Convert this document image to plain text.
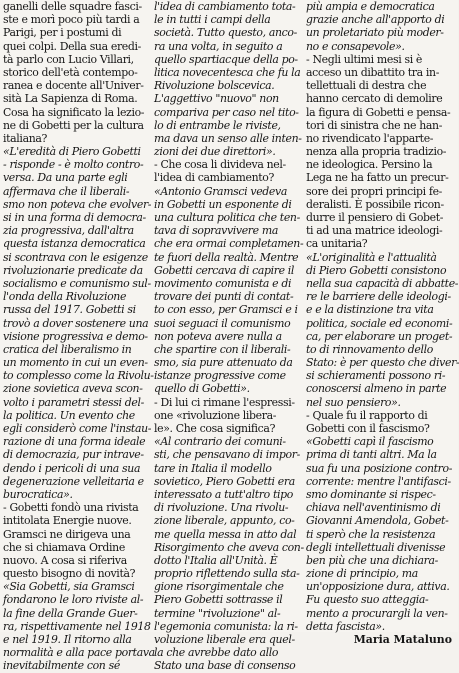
ganelli delle squadre fasci-
ste e morì poco più tardi a
Parigi, per i postumi di
quei colpi. Della sua eredi-
tà parlo con Lucio Villari,
storico dell'età contempo-
ranea e docente all'Univer-
sità La Sapienza di Roma.
Cosa ha significato la lezio-
ne di Gobetti per la cultura
italiana?
«L'eredità di Piero Gobetti
- risponde - è molto contro-
versa. Da una parte egli
affermava che il liberali-
smo non poteva che evolver-
si in una forma di democra-
zia progressiva, dall'altra
questa istanza democratica
si scontrava con le esigenze
rivoluzionarie predicate da
socialismo e comunismo sul-
l'onda della Rivoluzione
russa del 1917. Gobetti si
trovò a dover sostenere una
visione progressiva e demo-
cratica del liberalismo in
un momento in cui un even-
to complesso come la Rivolu-
zione sovietica aveva scon-
volto i parametri stessi del-
la politica. Un evento che
egli considerò come l'instau-
razione di una forma ideale
di democrazia, pur intrave-
dendo i pericoli di una sua
degenerazione velleitaria e
burocratica».
- Gobetti fondò una rivista
intitolata Energie nuove.
Gramsci ne dirigeva una
che si chiamava Ordine
nuovo. A cosa si riferiva
questo bisogno di novità?
«Sia Gobetti, sia Gramsci
fondarono le loro riviste al-
la fine della Grande Guer-
ra, rispettivamente nel 1918
e nel 1919. Il ritorno alla
normalità e alla pace portava
inevitabilmente con sé
l'idea di cambiamento tota-
le in tutti i campi della
società. Tutto questo, anco-
ra una volta, in seguito a
quello spartiacque della po-
litica novecentesca che fu la
Rivoluzione bolscevica.
L'aggettivo "nuovo" non
compariva per caso nel tito-
lo di entrambe le riviste,
ma dava un senso alle inten-
zioni dei due direttori».
- Che cosa li divideva nel-
l'idea di cambiamento?
«Antonio Gramsci vedeva
in Gobetti un esponente di
una cultura politica che ten-
tava di sopravvivere ma
che era ormai completamen-
te fuori della realtà. Mentre
Gobetti cercava di capire il
movimento comunista e di
trovare dei punti di contat-
to con esso, per Gramsci e i
suoi seguaci il comunismo
non poteva avere nulla a
che spartire con il liberali-
smo, sia pure attenuato da
istanze progressive come
quello di Gobetti».
- Di lui ci rimane l'espressi-
one «rivoluzione libera-
le». Che cosa significa?
«Al contrario dei comuni-
sti, che pensavano di impor-
tare in Italia il modello
sovietico, Piero Gobetti era
interessato a tutt'altro tipo
di rivoluzione. Una rivolu-
zione liberale, appunto, co-
me quella messa in atto dal
Risorgimento che aveva con-
dotto l'Italia all'Unità. È
proprio riflettendo sulla sta-
gione risorgimentale che
Piero Gobetti sottrasse il
termine "rivoluzione" al-
l'egemonia comunista: la ri-
voluzione liberale era quel-
la che avrebbe dato allo
Stato una base di consenso
più ampia e democratica
grazie anche all'apporto di
un proletariato più moder-
no e consapevole».
- Negli ultimi mesi si è
acceso un dibattito tra in-
tellettuali di destra che
hanno cercato di demolire
la figura di Gobetti e pensa-
tori di sinistra che ne han-
no rivendicato l'apparte-
nenza alla propria tradizio-
ne ideologica. Persino la
Lega ne ha fatto un precur-
sore dei propri principi fe-
deralisti. È possibile ricon-
durre il pensiero di Gobet-
ti ad una matrice ideologi-
ca unitaria?
«L'originalità e l'attualità
di Piero Gobetti consistono
nella sua capacità di abbatte-
re le barriere delle ideologi-
e e la distinzione tra vita
politica, sociale ed economi-
ca, per elaborare un proget-
to di rinnovamento dello
Stato: è per questo che diver-
si schieramenti possono ri-
conoscersi almeno in parte
nel suo pensiero».
- Quale fu il rapporto di
Gobetti con il fascismo?
«Gobetti capì il fascismo
prima di tanti altri. Ma la
sua fu una posizione contro-
corrente: mentre l'antifasci-
smo dominante si rispec-
chiava nell'aventinismo di
Giovanni Amendola, Gobet-
ti sperò che la resistenza
degli intellettuali divenisse
ben più che una dichiara-
zione di principio, ma
un'opposizione dura, attiva.
Fu questo suo atteggia-
mento a procurargli la ven-
detta fascista».
Maria Mataluno
